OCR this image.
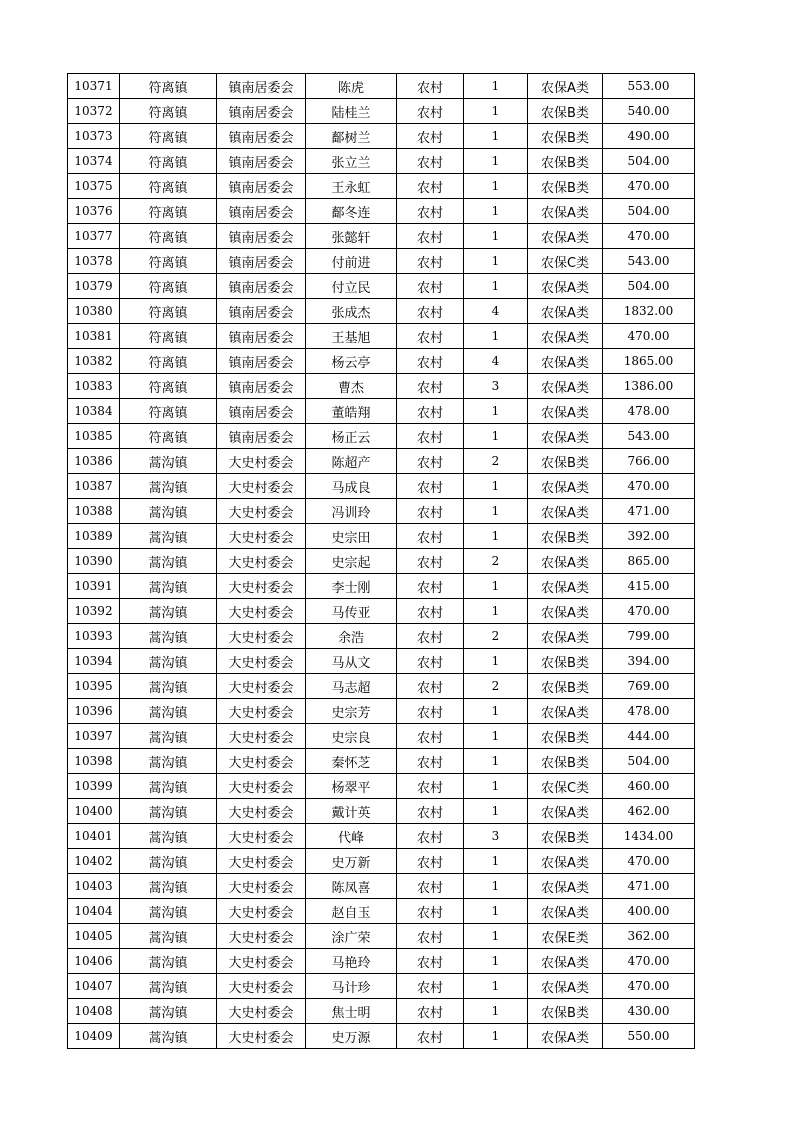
10371	符离镇	镇南居委会	陈虎	农村	1	农保A类	553.00
10372	符离镇	镇南居委会	陆桂兰	农村	1	农保B类	540.00
10373	符离镇	镇南居委会	鄐树兰	农村	1	农保B类	490.00
10374	符离镇	镇南居委会	张立兰	农村	1	农保B类	504.00
10375	符离镇	镇南居委会	王永虹	农村	1	农保B类	470.00
10376	符离镇	镇南居委会	鄐冬连	农村	1	农保A类	504.00
10377	符离镇	镇南居委会	张懿轩	农村	1	农保A类	470.00
10378	符离镇	镇南居委会	付前进	农村	1	农保C类	543.00
10379	符离镇	镇南居委会	付立民	农村	1	农保A类	504.00
10380	符离镇	镇南居委会	张成杰	农村	4	农保A类	1832.00
10381	符离镇	镇南居委会	王基旭	农村	1	农保A类	470.00
10382	符离镇	镇南居委会	杨云亭	农村	4	农保A类	1865.00
10383	符离镇	镇南居委会	曹杰	农村	3	农保A类	1386.00
10384	符离镇	镇南居委会	董皓翔	农村	1	农保A类	478.00
10385	符离镇	镇南居委会	杨正云	农村	1	农保A类	543.00
10386	蒿沟镇	大史村委会	陈超产	农村	2	农保B类	766.00
10387	蒿沟镇	大史村委会	马成良	农村	1	农保A类	470.00
10388	蒿沟镇	大史村委会	冯训玲	农村	1	农保A类	471.00
10389	蒿沟镇	大史村委会	史宗田	农村	1	农保B类	392.00
10390	蒿沟镇	大史村委会	史宗起	农村	2	农保A类	865.00
10391	蒿沟镇	大史村委会	李士刚	农村	1	农保A类	415.00
10392	蒿沟镇	大史村委会	马传亚	农村	1	农保A类	470.00
10393	蒿沟镇	大史村委会	余浩	农村	2	农保A类	799.00
10394	蒿沟镇	大史村委会	马从文	农村	1	农保B类	394.00
10395	蒿沟镇	大史村委会	马志超	农村	2	农保B类	769.00
10396	蒿沟镇	大史村委会	史宗芳	农村	1	农保A类	478.00
10397	蒿沟镇	大史村委会	史宗良	农村	1	农保B类	444.00
10398	蒿沟镇	大史村委会	秦怀芝	农村	1	农保B类	504.00
10399	蒿沟镇	大史村委会	杨翠平	农村	1	农保C类	460.00
10400	蒿沟镇	大史村委会	戴计英	农村	1	农保A类	462.00
10401	蒿沟镇	大史村委会	代峰	农村	3	农保B类	1434.00
10402	蒿沟镇	大史村委会	史万新	农村	1	农保A类	470.00
10403	蒿沟镇	大史村委会	陈凤喜	农村	1	农保A类	471.00
10404	蒿沟镇	大史村委会	赵自玉	农村	1	农保A类	400.00
10405	蒿沟镇	大史村委会	涂广荣	农村	1	农保E类	362.00
10406	蒿沟镇	大史村委会	马艳玲	农村	1	农保A类	470.00
10407	蒿沟镇	大史村委会	马计珍	农村	1	农保A类	470.00
10408	蒿沟镇	大史村委会	焦士明	农村	1	农保B类	430.00
10409	蒿沟镇	大史村委会	史万源	农村	1	农保A类	550.00
